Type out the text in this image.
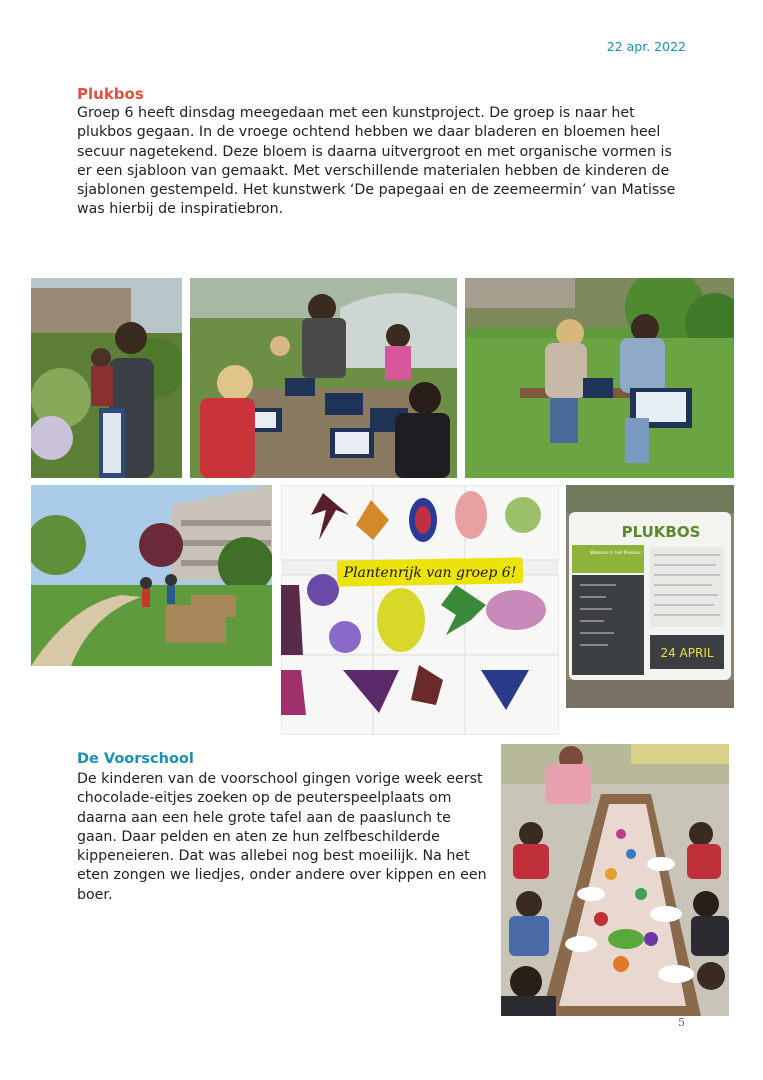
22 apr. 2022
Plukbos

Groep 6 heeft dinsdag meegedaan met een kunstproject. De groep is naar het plukbos gegaan. In de vroege ochtend hebben we daar bladeren en bloemen heel secuur nagetekend. Deze bloem is daarna uitvergroot en met organische vormen is er een sjabloon van gemaakt. Met verschillende materialen hebben de kinderen de sjablonen gestempeld. Het kunstwerk ‘De papegaai en de zeemeermin’ van Matisse was hierbij de inspiratiebron.

Plantenrijk van groep 6!
PLUKBOS
Welkom in het Plukbos
24 APRIL
De Voorschool

De kinderen van de voorschool gingen vorige week eerst chocolade-eitjes zoeken op de peuterspeelplaats om daarna aan een hele grote tafel aan de paaslunch te gaan. Daar pelden en aten ze hun zelfbeschilderde kippeneieren. Dat was allebei nog best moeilijk. Na het eten zongen we liedjes, onder andere over kippen en een boer.

5
